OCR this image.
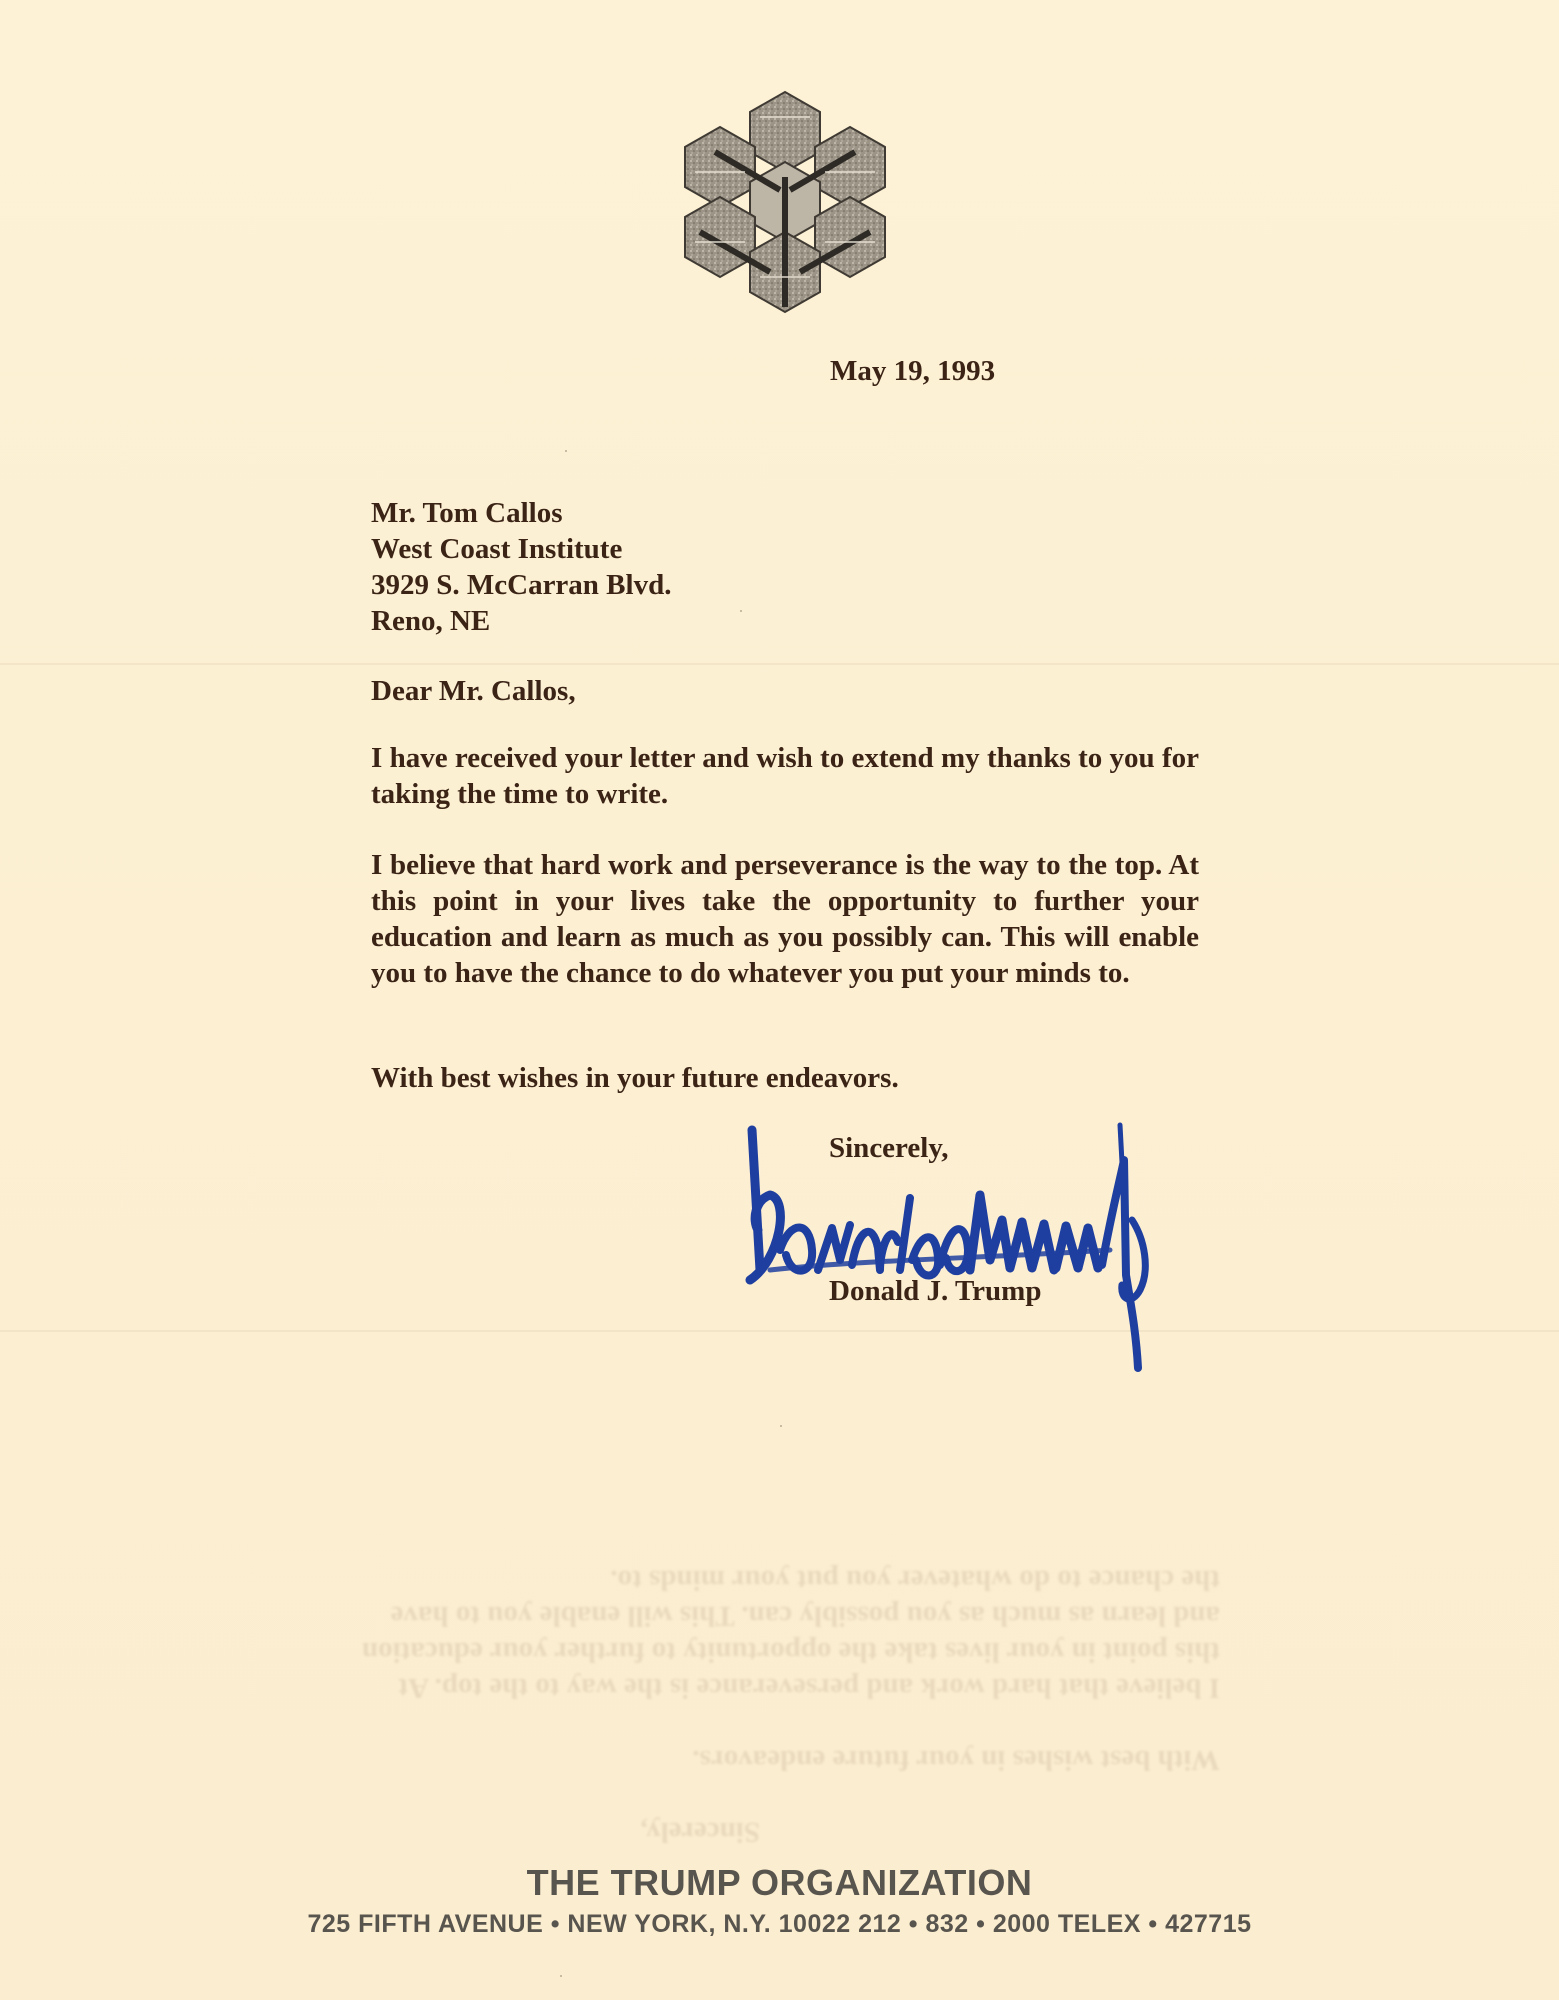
May 19, 1993
Mr. Tom Callos
West Coast Institute
3929 S. McCarran Blvd.
Reno, NE
Dear Mr. Callos,
I have received your letter and wish to extend my thanks to you for taking the time to write.
I believe that hard work and perseverance is the way to the top. At this point in your lives take the opportunity to further your education and learn as much as you possibly can. This will enable you to have the chance to do whatever you put your minds to.
With best wishes in your future endeavors.
Sincerely,
Donald J. Trump
Sincerely,
With best wishes in your future endeavors.
I believe that hard work and perseverance is the way to the top. At this point in your lives take the opportunity to further your education and learn as much as you possibly can. This will enable you to have the chance to do whatever you put your minds to.
THE TRUMP ORGANIZATION
725 FIFTH AVENUE • NEW YORK, N.Y. 10022 212 • 832 • 2000 TELEX • 427715
